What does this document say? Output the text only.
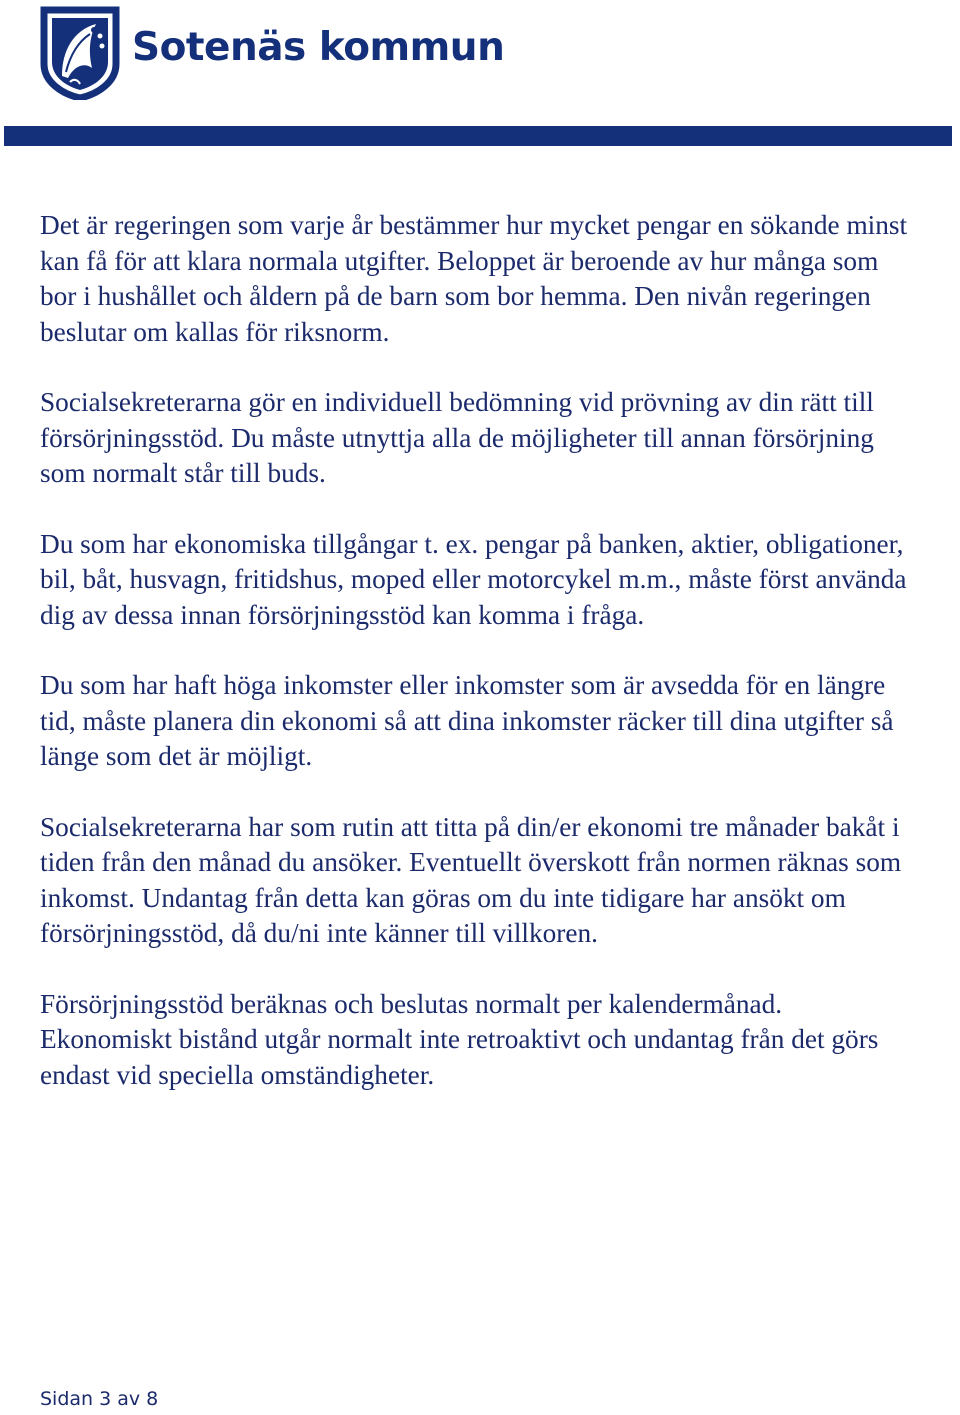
Sotenäs kommun

Det är regeringen som varje år bestämmer hur mycket pengar en sökande minst kan få för att klara normala utgifter. Beloppet är beroende av hur många som bor i hushållet och åldern på de barn som bor hemma. Den nivån regeringen beslutar om kallas för riksnorm.

Socialsekreterarna gör en individuell bedömning vid prövning av din rätt till försörjningsstöd. Du måste utnyttja alla de möjligheter till annan försörjning som normalt står till buds.

Du som har ekonomiska tillgångar t. ex. pengar på banken, aktier, obligationer, bil, båt, husvagn, fritidshus, moped eller motorcykel m.m., måste först använda dig av dessa innan försörjningsstöd kan komma i fråga.

Du som har haft höga inkomster eller inkomster som är avsedda för en längre tid, måste planera din ekonomi så att dina inkomster räcker till dina utgifter så länge som det är möjligt.

Socialsekreterarna har som rutin att titta på din/er ekonomi tre månader bakåt i tiden från den månad du ansöker. Eventuellt överskott från normen räknas som inkomst. Undantag från detta kan göras om du inte tidigare har ansökt om försörjningsstöd, då du/ni inte känner till villkoren.

Försörjningsstöd beräknas och beslutas normalt per kalendermånad. Ekonomiskt bistånd utgår normalt inte retroaktivt och undantag från det görs endast vid speciella omständigheter.

Sidan 3 av 8
